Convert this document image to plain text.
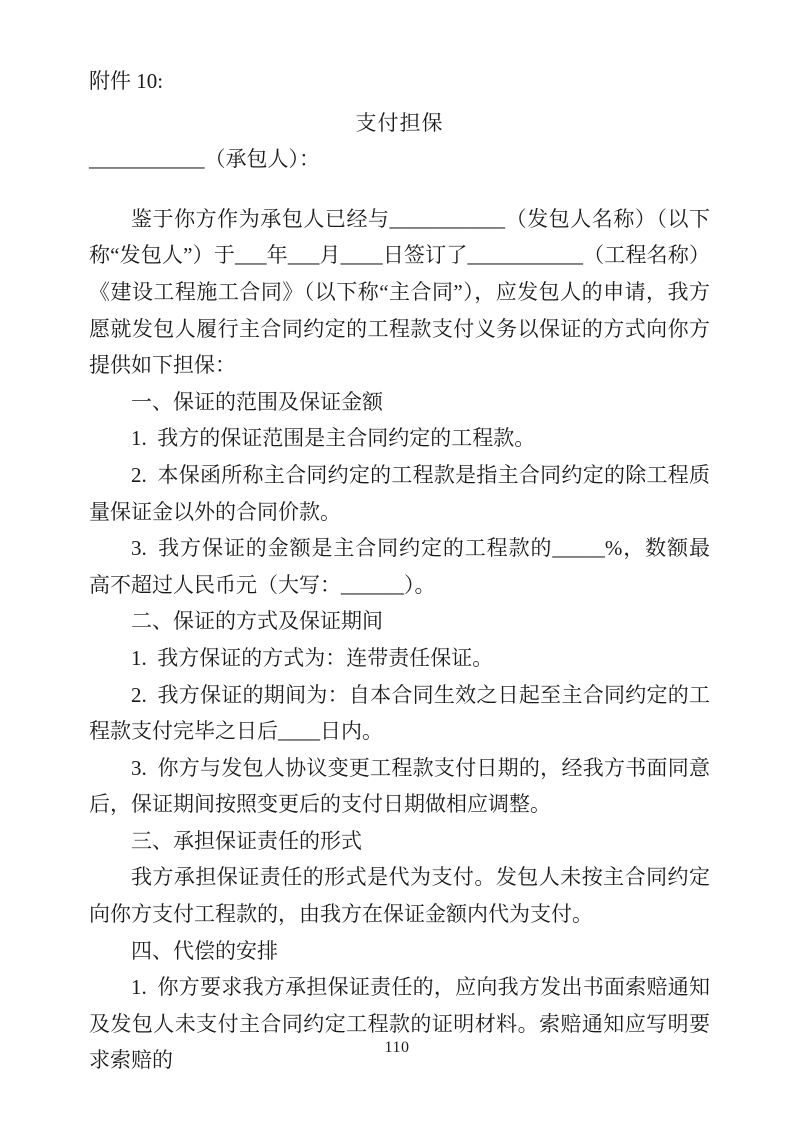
附件 10:

支付担保

___________（承包人）：

鉴于你方作为承包人已经与___________（发包人名称）（以下称“发包人”）于___年___月____日签订了___________（工程名称）《建设工程施工合同》（以下称“主合同”），应发包人的申请，我方愿就发包人履行主合同约定的工程款支付义务以保证的方式向你方提供如下担保：

一、保证的范围及保证金额

1. 我方的保证范围是主合同约定的工程款。

2. 本保函所称主合同约定的工程款是指主合同约定的除工程质量保证金以外的合同价款。

3. 我方保证的金额是主合同约定的工程款的_____%，数额最高不超过人民币元（大写：______）。

二、保证的方式及保证期间

1. 我方保证的方式为：连带责任保证。

2. 我方保证的期间为：自本合同生效之日起至主合同约定的工程款支付完毕之日后____日内。

3. 你方与发包人协议变更工程款支付日期的，经我方书面同意后，保证期间按照变更后的支付日期做相应调整。

三、承担保证责任的形式

我方承担保证责任的形式是代为支付。发包人未按主合同约定向你方支付工程款的，由我方在保证金额内代为支付。

四、代偿的安排

1. 你方要求我方承担保证责任的，应向我方发出书面索赔通知及发包人未支付主合同约定工程款的证明材料。索赔通知应写明要求索赔的

110
